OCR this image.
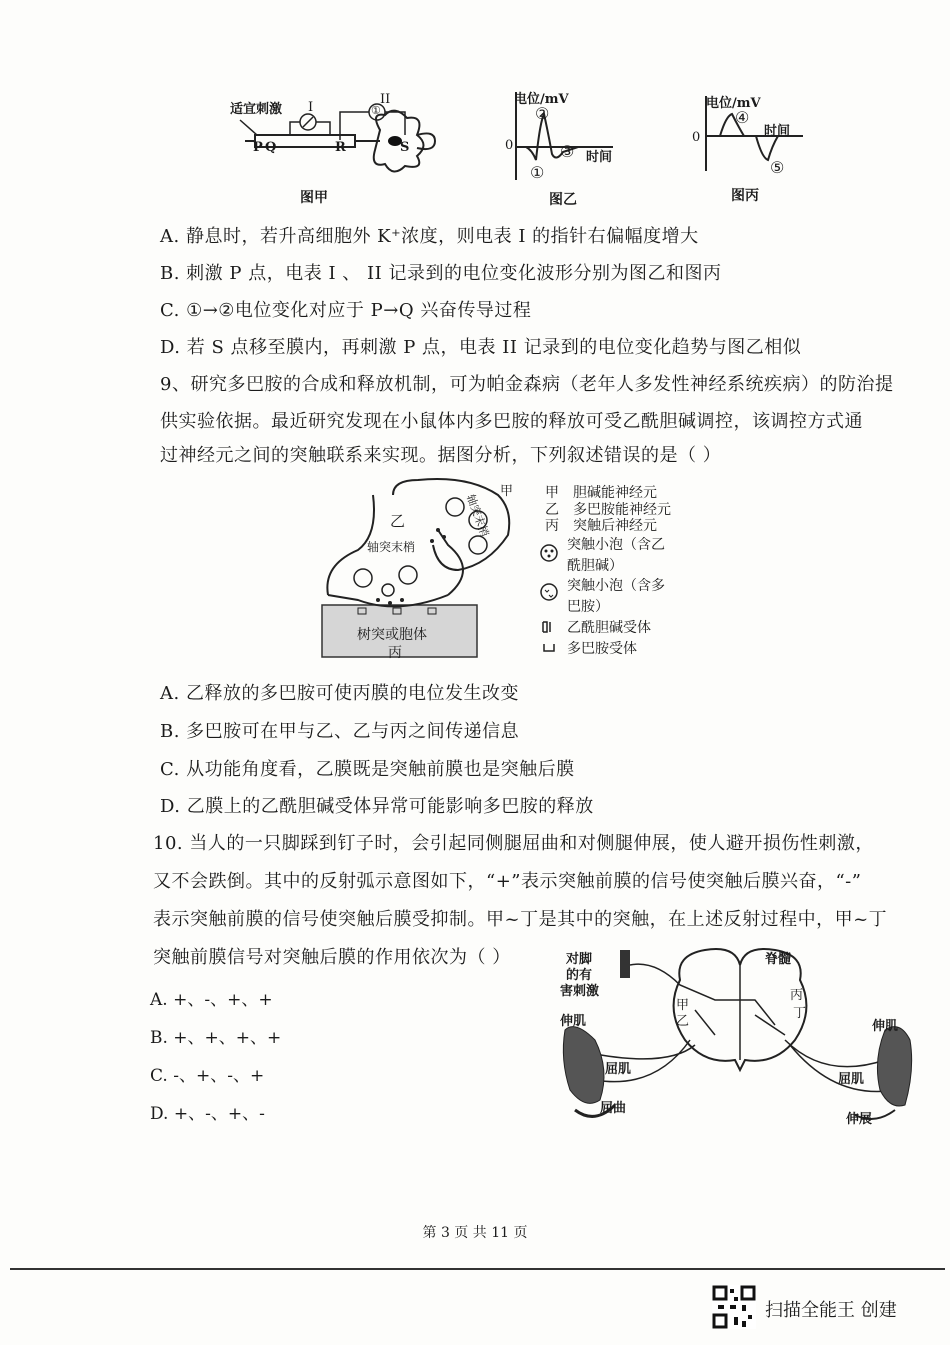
适宜刺激 I
II
①
P Q	R	S
图甲
电位/mV
0
②
①
③ 时间
图乙
电位/mV
0
④
时间
⑤
图丙
A. 静息时，若升高细胞外 K⁺浓度，则电表 I 的指针右偏幅度增大
B. 刺激 P 点，电表 I 、 II 记录到的电位变化波形分别为图乙和图丙
C. ①→②电位变化对应于 P→Q 兴奋传导过程
D. 若 S 点移至膜内，再刺激 P 点，电表 II 记录到的电位变化趋势与图乙相似
9、研究多巴胺的合成和释放机制，可为帕金森病（老年人多发性神经系统疾病）的防治提
供实验依据。最近研究发现在小鼠体内多巴胺的释放可受乙酰胆碱调控，该调控方式通
过神经元之间的突触联系来实现。据图分析，下列叙述错误的是（ ）
乙
甲
轴突末梢
轴突末梢
树突或胞体
丙
甲 胆碱能神经元
乙 多巴胺能神经元
丙 突触后神经元
突触小泡（含乙
酰胆碱）
突触小泡（含多
巴胺）
乙酰胆碱受体
多巴胺受体
A. 乙释放的多巴胺可使丙膜的电位发生改变
B. 多巴胺可在甲与乙、乙与丙之间传递信息
C. 从功能角度看，乙膜既是突触前膜也是突触后膜
D. 乙膜上的乙酰胆碱受体异常可能影响多巴胺的释放
10. 当人的一只脚踩到钉子时，会引起同侧腿屈曲和对侧腿伸展，使人避开损伤性刺激，
又不会跌倒。其中的反射弧示意图如下，“+”表示突触前膜的信号使突触后膜兴奋，“-”
表示突触前膜的信号使突触后膜受抑制。甲~丁是其中的突触，在上述反射过程中，甲~丁
突触前膜信号对突触后膜的作用依次为（ ）
A. +、-、+、+
B. +、+、+、+
C. -、+、-、+
D. +、-、+、-
对脚
的有
害刺激
脊髓
甲
乙
丙
丁
伸肌
屈肌
屈曲
伸肌
屈肌
伸展
第 3 页 共 11 页
扫描全能王 创建
